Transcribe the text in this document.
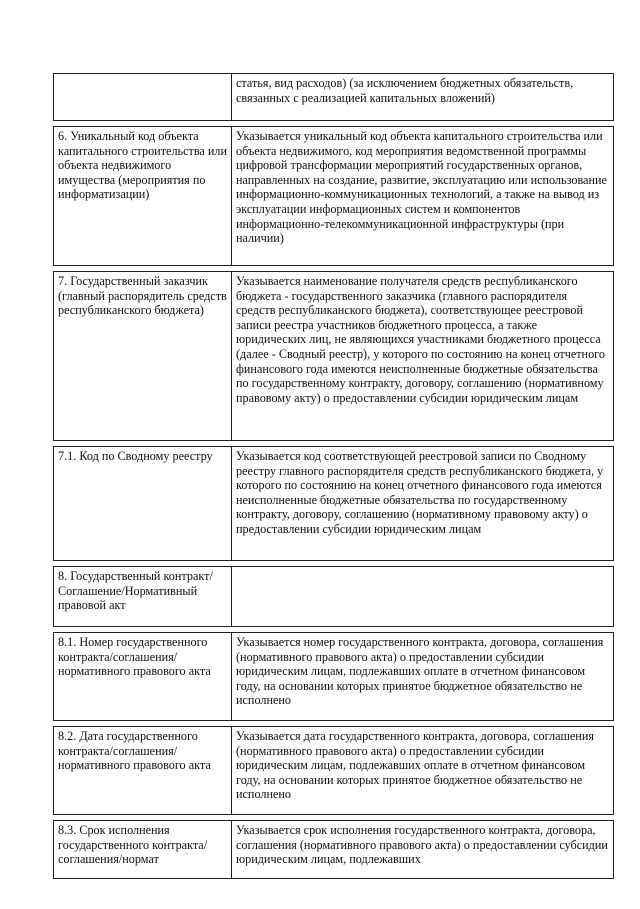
	статья, вид расходов) (за исключением бюджетных обязательств, связанных с реализацией капитальных вложений)

6. Уникальный код объекта капитального строительства или объекта недвижимого имущества (мероприятия по информатизации)	Указывается уникальный код объекта капитального строительства или объекта недвижимого, код мероприятия ведомственной программы цифровой трансформации мероприятий государственных органов, направленных на создание, развитие, эксплуатацию или использование информационно-коммуникационных технологий, а также на вывод из эксплуатации информационных систем и компонентов информационно-телекоммуникационной инфраструктуры (при наличии)

7. Государственный заказчик (главный распорядитель средств республиканского бюджета)	Указывается наименование получателя средств республиканского бюджета - государственного заказчика (главного распорядителя средств республиканского бюджета), соответствующее реестровой записи реестра участников бюджетного процесса, а также юридических лиц, не являющихся участниками бюджетного процесса (далее - Сводный реестр), у которого по состоянию на конец отчетного финансового года имеются неисполненные бюджетные обязательства по государственному контракту, договору, соглашению (нормативному правовому акту) о предоставлении субсидии юридическим лицам

7.1. Код по Сводному реестру	Указывается код соответствующей реестровой записи по Сводному реестру главного распорядителя средств республиканского бюджета, у которого по состоянию на конец отчетного финансового года имеются неисполненные бюджетные обязательства по государственному контракту, договору, соглашению (нормативному правовому акту) о предоставлении субсидии юридическим лицам

8. Государственный контракт/Соглашение/Нормативный правовой акт	

8.1. Номер государственного контракта/соглашения/нормативного правового акта	Указывается номер государственного контракта, договора, соглашения (нормативного правового акта) о предоставлении субсидии юридическим лицам, подлежавших оплате в отчетном финансовом году, на основании которых принятое бюджетное обязательство не исполнено

8.2. Дата государственного контракта/соглашения/нормативного правового акта	Указывается дата государственного контракта, договора, соглашения (нормативного правового акта) о предоставлении субсидии юридическим лицам, подлежавших оплате в отчетном финансовом году, на основании которых принятое бюджетное обязательство не исполнено

8.3. Срок исполнения государственного контракта/соглашения/нормат	Указывается срок исполнения государственного контракта, договора, соглашения (нормативного правового акта) о предоставлении субсидии юридическим лицам, подлежавших
